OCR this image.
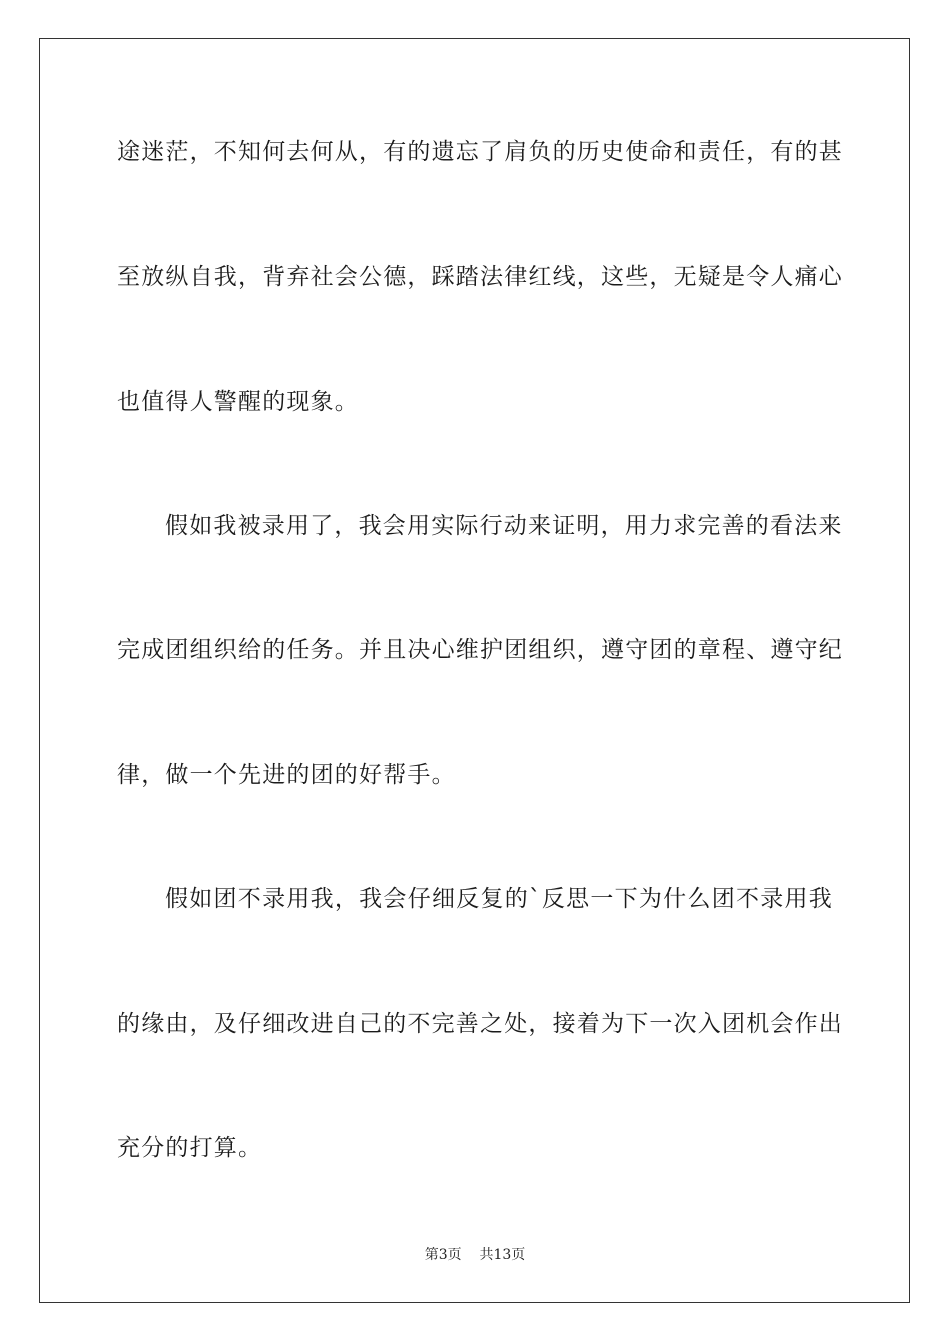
途迷茫，不知何去何从，有的遗忘了肩负的历史使命和责任，有的甚
至放纵自我，背弃社会公德，踩踏法律红线，这些，无疑是令人痛心
也值得人警醒的现象。
假如我被录用了，我会用实际行动来证明，用力求完善的看法来
完成团组织给的任务。并且决心维护团组织，遵守团的章程、遵守纪
律，做一个先进的团的好帮手。
假如团不录用我，我会仔细反复的`反思一下为什么团不录用我
的缘由，及仔细改进自己的不完善之处，接着为下一次入团机会作出
充分的打算。
第3页 共13页
